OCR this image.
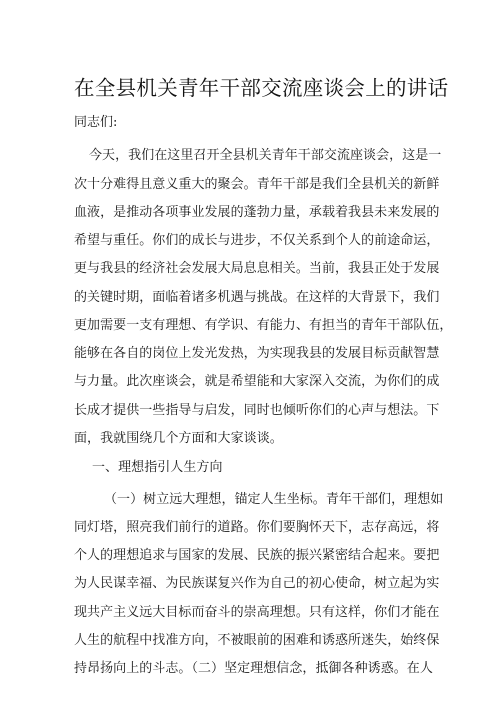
在全县机关青年干部交流座谈会上的讲话
同志们:
今天，我们在这里召开全县机关青年干部交流座谈会，这是一
次十分难得且意义重大的聚会。青年干部是我们全县机关的新鲜
血液，是推动各项事业发展的蓬勃力量，承载着我县未来发展的
希望与重任。你们的成长与进步，不仅关系到个人的前途命运，
更与我县的经济社会发展大局息息相关。当前，我县正处于发展
的关键时期，面临着诸多机遇与挑战。在这样的大背景下，我们
更加需要一支有理想、有学识、有能力、有担当的青年干部队伍，
能够在各自的岗位上发光发热，为实现我县的发展目标贡献智慧
与力量。此次座谈会，就是希望能和大家深入交流，为你们的成
长成才提供一些指导与启发，同时也倾听你们的心声与想法。下
面，我就围绕几个方面和大家谈谈。
一、理想指引人生方向
（一）树立远大理想，锚定人生坐标。青年干部们，理想如
同灯塔，照亮我们前行的道路。你们要胸怀天下，志存高远，将
个人的理想追求与国家的发展、民族的振兴紧密结合起来。要把
为人民谋幸福、为民族谋复兴作为自己的初心使命，树立起为实
现共产主义远大目标而奋斗的崇高理想。只有这样，你们才能在
人生的航程中找准方向，不被眼前的困难和诱惑所迷失，始终保
持昂扬向上的斗志。（二）坚定理想信念，抵御各种诱惑。在人
